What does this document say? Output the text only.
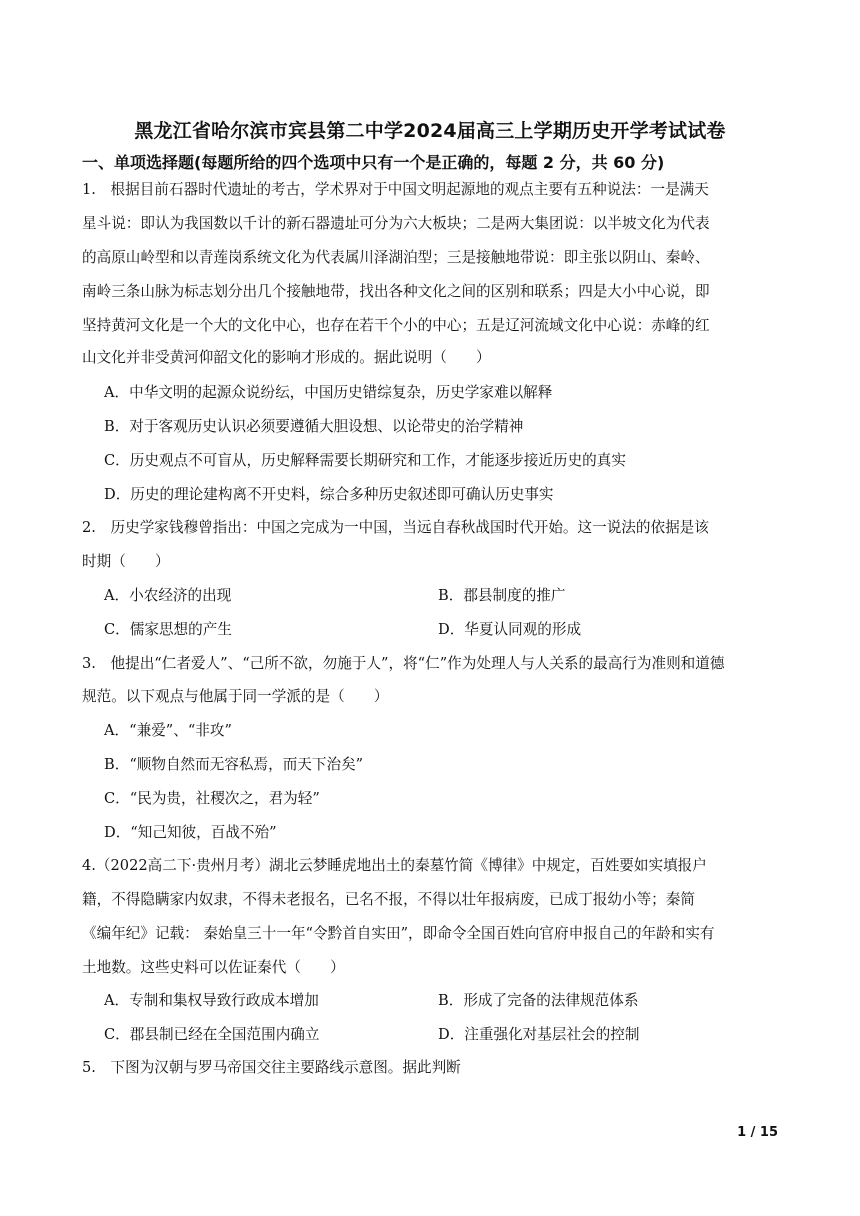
黑龙江省哈尔滨市宾县第二中学2024届高三上学期历史开学考试试卷
一、单项选择题(每题所给的四个选项中只有一个是正确的，每题 2 分，共 60 分)
1.　根据目前石器时代遗址的考古，学术界对于中国文明起源地的观点主要有五种说法：一是满天
星斗说：即认为我国数以千计的新石器遗址可分为六大板块；二是两大集团说：以半坡文化为代表
的高原山岭型和以青莲岗系统文化为代表属川泽湖泊型；三是接触地带说：即主张以阴山、秦岭、
南岭三条山脉为标志划分出几个接触地带，找出各种文化之间的区别和联系；四是大小中心说，即
坚持黄河文化是一个大的文化中心，也存在若干个小的中心；五是辽河流域文化中心说：赤峰的红
山文化并非受黄河仰韶文化的影响才形成的。据此说明（　　）
A．中华文明的起源众说纷纭，中国历史错综复杂，历史学家难以解释
B．对于客观历史认识必须要遵循大胆设想、以论带史的治学精神
C．历史观点不可盲从，历史解释需要长期研究和工作，才能逐步接近历史的真实
D．历史的理论建构离不开史料，综合多种历史叙述即可确认历史事实
2.　历史学家钱穆曾指出：中国之完成为一中国，当远自春秋战国时代开始。这一说法的依据是该
时期（　　）
A．小农经济的出现	B．郡县制度的推广
C．儒家思想的产生	D．华夏认同观的形成
3.　他提出“仁者爱人”、“己所不欲，勿施于人”，将“仁”作为处理人与人关系的最高行为准则和道德
规范。以下观点与他属于同一学派的是（　　）
A．“兼爱”、“非攻”
B．“顺物自然而无容私焉，而天下治矣”
C．“民为贵，社稷次之，君为轻”
D．“知己知彼，百战不殆”
4.（2022高二下·贵州月考）湖北云梦睡虎地出土的秦墓竹简《博律》中规定，百姓要如实填报户
籍，不得隐瞒家内奴隶，不得未老报名，已名不报，不得以壮年报病废，已成丁报幼小等；秦简
《编年纪》记载： 秦始皇三十一年“令黔首自实田”，即命令全国百姓向官府申报自己的年龄和实有
土地数。这些史料可以佐证秦代（　　）
A．专制和集权导致行政成本增加	B．形成了完备的法律规范体系
C．郡县制已经在全国范围内确立	D．注重强化对基层社会的控制
5.　下图为汉朝与罗马帝国交往主要路线示意图。据此判断
1 / 15
